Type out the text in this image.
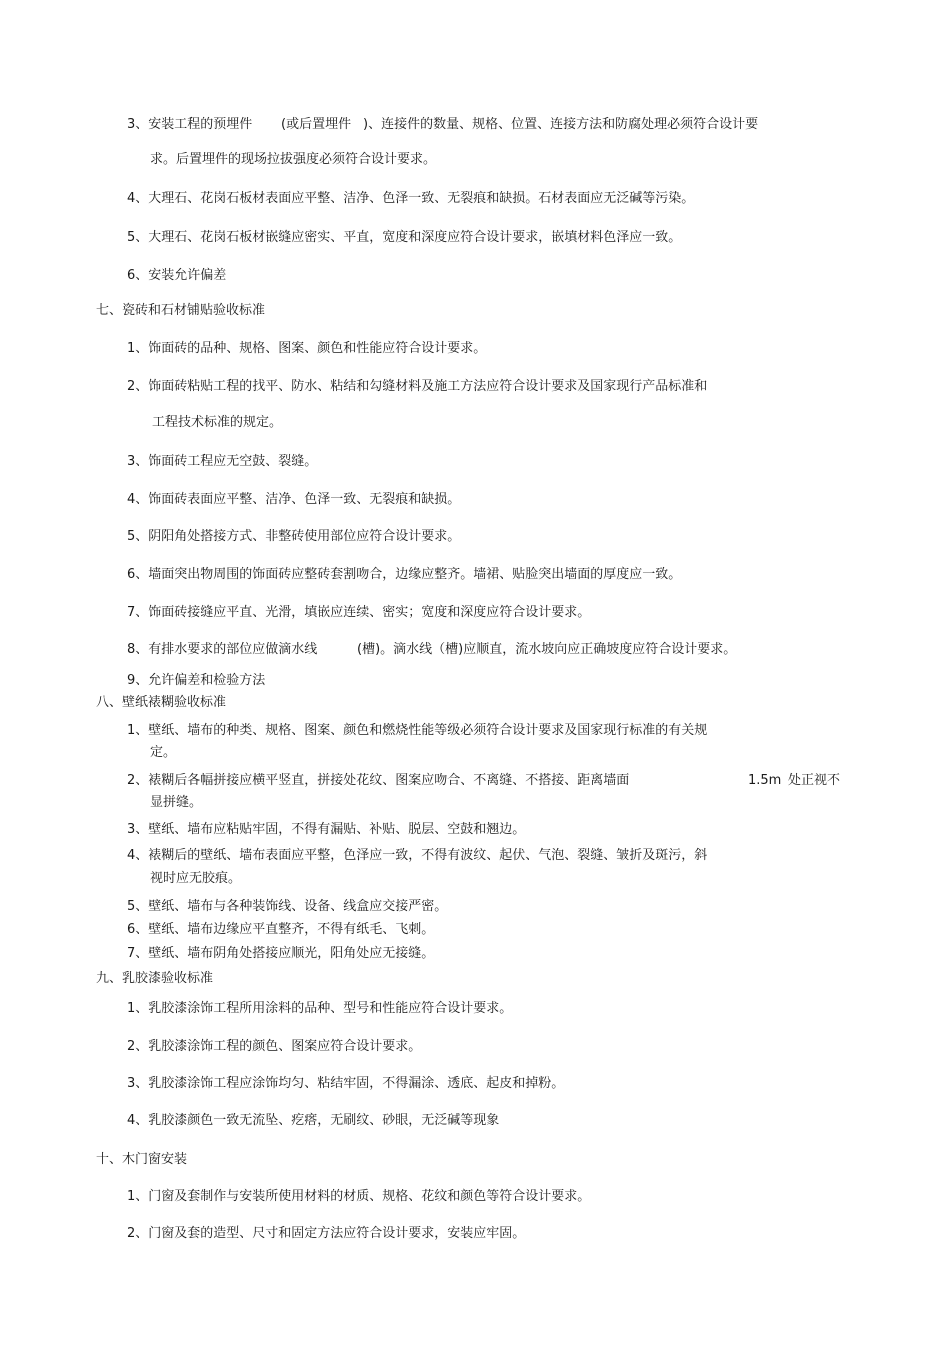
3、安装工程的预埋件 (或后置埋件 )、连接件的数量、规格、位置、连接方法和防腐处理必须符合设计要
求。后置埋件的现场拉拔强度必须符合设计要求。
4、大理石、花岗石板材表面应平整、洁净、色泽一致、无裂痕和缺损。石材表面应无泛碱等污染。
5、大理石、花岗石板材嵌缝应密实、平直，宽度和深度应符合设计要求，嵌填材料色泽应一致。
6、安装允许偏差
七、瓷砖和石材铺贴验收标准
1、饰面砖的品种、规格、图案、颜色和性能应符合设计要求。
2、饰面砖粘贴工程的找平、防水、粘结和勾缝材料及施工方法应符合设计要求及国家现行产品标准和
工程技术标准的规定。
3、饰面砖工程应无空鼓、裂缝。
4、饰面砖表面应平整、洁净、色泽一致、无裂痕和缺损。
5、阴阳角处搭接方式、非整砖使用部位应符合设计要求。
6、墙面突出物周围的饰面砖应整砖套割吻合，边缘应整齐。墙裙、贴脸突出墙面的厚度应一致。
7、饰面砖接缝应平直、光滑，填嵌应连续、密实；宽度和深度应符合设计要求。
8、有排水要求的部位应做滴水线	(槽)。滴水线（槽)应顺直，流水坡向应正确坡度应符合设计要求。
9、允许偏差和检验方法
八、壁纸裱糊验收标准
1、壁纸、墙布的种类、规格、图案、颜色和燃烧性能等级必须符合设计要求及国家现行标准的有关规
定。
2、裱糊后各幅拼接应横平竖直，拼接处花纹、图案应吻合、不离缝、不搭接、距离墙面	1.5m 处正视不
显拼缝。
3、壁纸、墙布应粘贴牢固，不得有漏贴、补贴、脱层、空鼓和翘边。
4、裱糊后的壁纸、墙布表面应平整，色泽应一致，不得有波纹、起伏、气泡、裂缝、皱折及斑污，斜
视时应无胶痕。
5、壁纸、墙布与各种装饰线、设备、线盒应交接严密。
6、壁纸、墙布边缘应平直整齐，不得有纸毛、飞刺。
7、壁纸、墙布阴角处搭接应顺光，阳角处应无接缝。
九、乳胶漆验收标准
1、乳胶漆涂饰工程所用涂料的品种、型号和性能应符合设计要求。
2、乳胶漆涂饰工程的颜色、图案应符合设计要求。
3、乳胶漆涂饰工程应涂饰均匀、粘结牢固，不得漏涂、透底、起皮和掉粉。
4、乳胶漆颜色一致无流坠、疙瘩，无刷纹、砂眼，无泛碱等现象
十、木门窗安装
1、门窗及套制作与安装所使用材料的材质、规格、花纹和颜色等符合设计要求。
2、门窗及套的造型、尺寸和固定方法应符合设计要求，安装应牢固。
